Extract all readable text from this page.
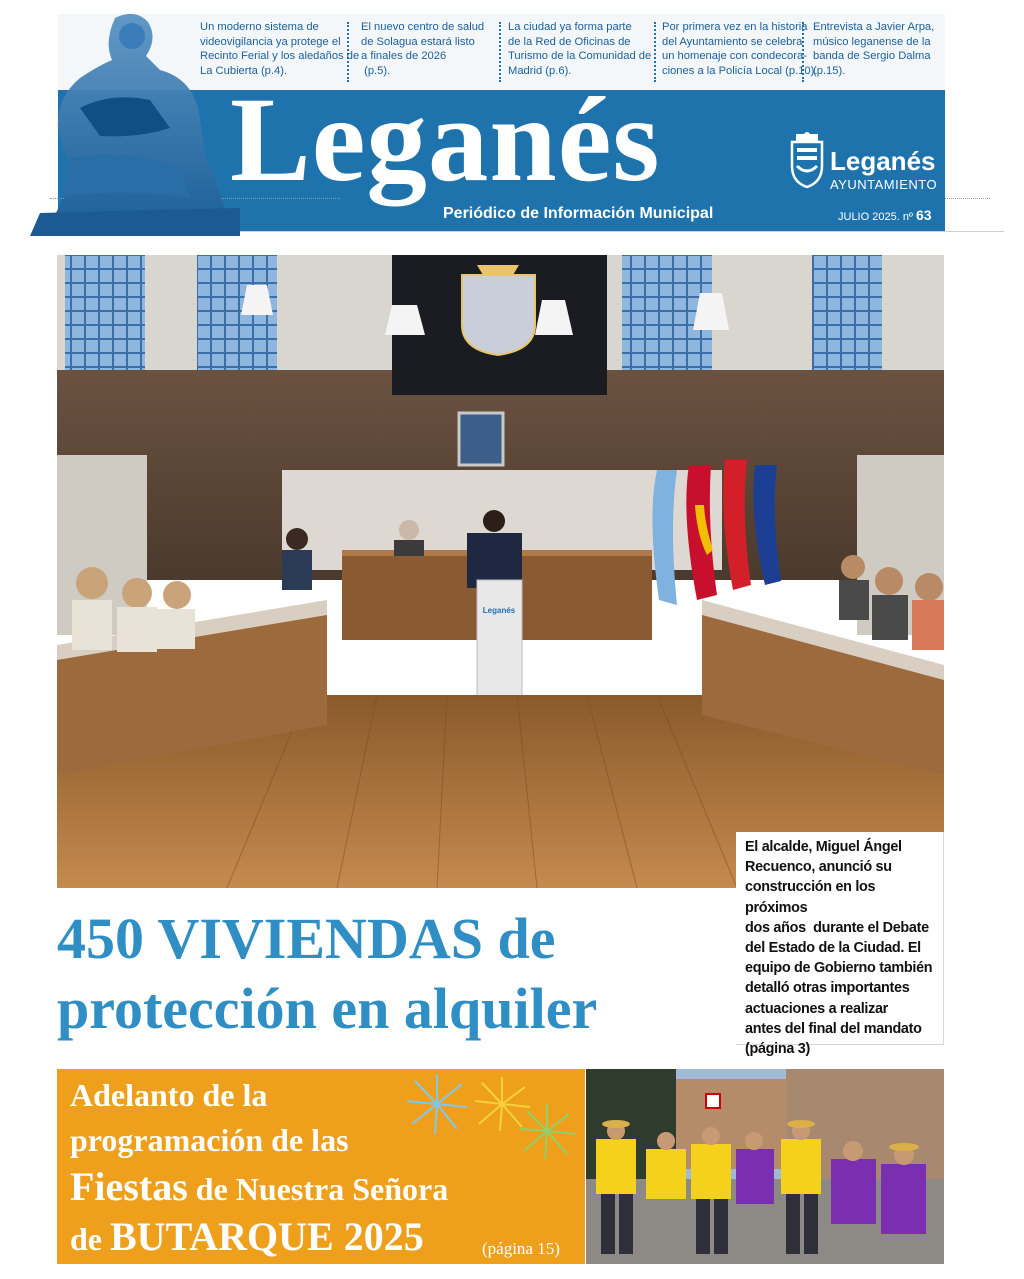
Un moderno sistema de
videovigilancia ya protege el
Recinto Ferial y los aledaños de
La Cubierta (p.4).
El nuevo centro de salud
de Solagua estará listo
a finales de 2026
(p.5).
La ciudad ya forma parte
de la Red de Oficinas de
Turismo de la Comunidad de
Madrid (p.6).
Por primera vez en la historia
del Ayuntamiento se celebra
un homenaje con condecora-
ciones a la Policía Local (p.10).
Entrevista a Javier Arpa,
músico leganense de la
banda de Sergio Dalma
(p.15).
Leganés
Periódico de Información Municipal	JULIO 2025. nº 63
Leganés
AYUNTAMIENTO
Leganés
El alcalde, Miguel Ángel
Recuenco, anunció su
construcción en los próximos
dos años  durante el Debate
del Estado de la Ciudad. El
equipo de Gobierno también
detalló otras importantes
actuaciones a realizar
antes del final del mandato
(página 3)
450 VIVIENDAS de
protección en alquiler
Adelanto de la
programación de las
Fiestas de Nuestra Señora
de BUTARQUE 2025	(página 15)
